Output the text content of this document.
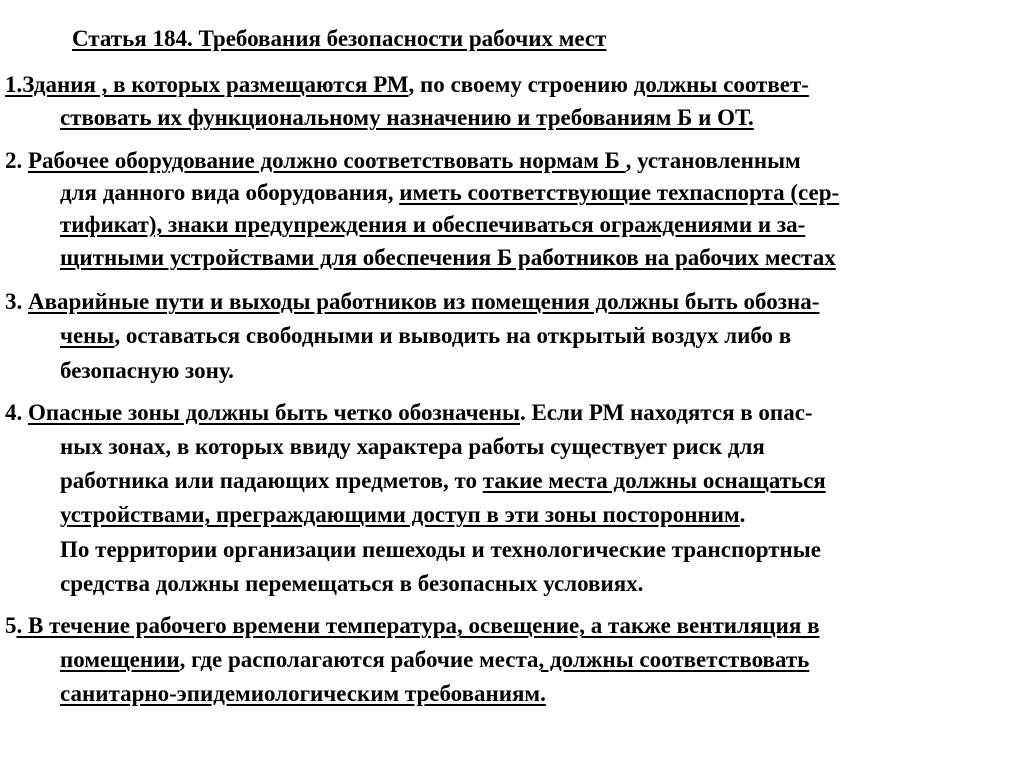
Статья 184. Требования безопасности рабочих мест
1.Здания , в которых размещаются РМ, по своему строению должны соответ-
ствовать их функциональному назначению и требованиям Б и ОТ.
2. Рабочее оборудование должно соответствовать нормам Б , установленным
для данного вида оборудования, иметь соответствующие техпаспорта (сер-
тификат), знаки предупреждения и обеспечиваться ограждениями и за-
щитными устройствами для обеспечения Б работников на рабочих местах
3. Аварийные пути и выходы работников из помещения должны быть обозна-
чены, оставаться свободными и выводить на открытый воздух либо в
безопасную зону.
4. Опасные зоны должны быть четко обозначены. Если РМ находятся в опас-
ных зонах, в которых ввиду характера работы существует риск для
работника или падающих предметов, то такие места должны оснащаться
устройствами, преграждающими доступ в эти зоны посторонним.
По территории организации пешеходы и технологические транспортные
средства должны перемещаться в безопасных условиях.
5. В течение рабочего времени температура, освещение, а также вентиляция в
помещении, где располагаются рабочие места, должны соответствовать
санитарно-эпидемиологическим требованиям.
